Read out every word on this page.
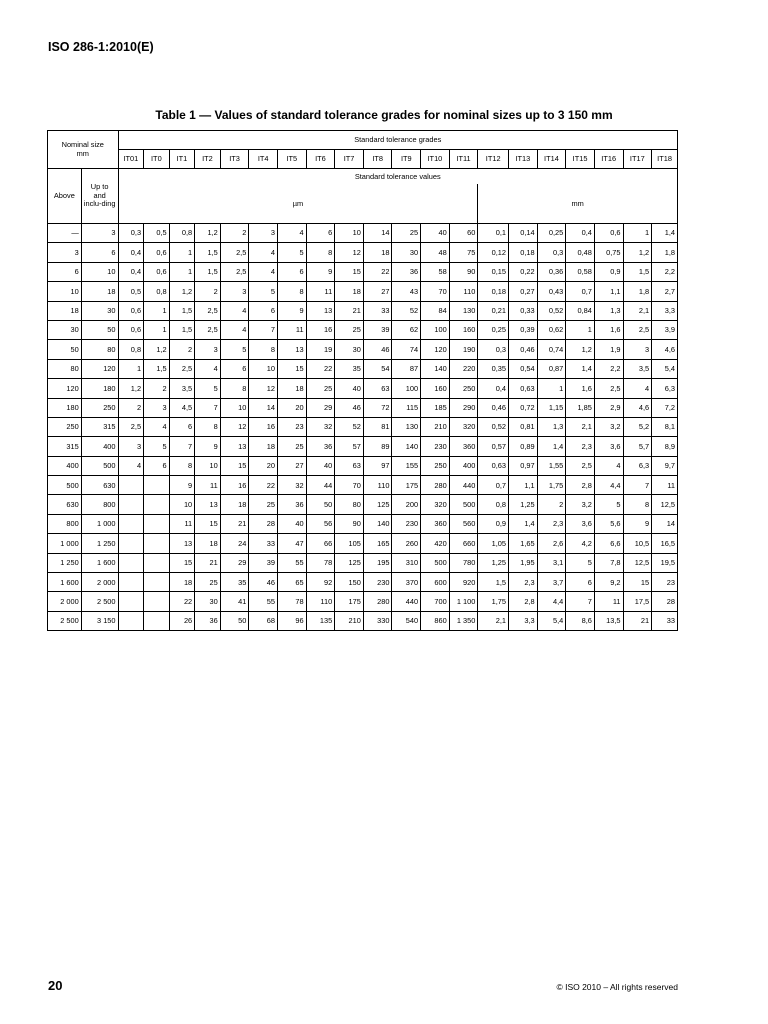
ISO 286-1:2010(E)
Table 1 — Values of standard tolerance grades for nominal sizes up to 3 150 mm
Nominal size
mm		Standard tolerance grades																			
		IT01	IT0	IT1	IT2	IT3	IT4	IT5	IT6	IT7	IT8	IT9	IT10	IT11	IT12	IT13	IT14	IT15	IT16	IT17	IT18
Above	Up to and inclu-ding	Standard tolerance values																			
		µm													mm						
—	3	0,3	0,5	0,8	1,2	2	3	4	6	10	14	25	40	60	0,1	0,14	0,25	0,4	0,6	1	1,4
3	6	0,4	0,6	1	1,5	2,5	4	5	8	12	18	30	48	75	0,12	0,18	0,3	0,48	0,75	1,2	1,8
6	10	0,4	0,6	1	1,5	2,5	4	6	9	15	22	36	58	90	0,15	0,22	0,36	0,58	0,9	1,5	2,2
10	18	0,5	0,8	1,2	2	3	5	8	11	18	27	43	70	110	0,18	0,27	0,43	0,7	1,1	1,8	2,7
18	30	0,6	1	1,5	2,5	4	6	9	13	21	33	52	84	130	0,21	0,33	0,52	0,84	1,3	2,1	3,3
30	50	0,6	1	1,5	2,5	4	7	11	16	25	39	62	100	160	0,25	0,39	0,62	1	1,6	2,5	3,9
50	80	0,8	1,2	2	3	5	8	13	19	30	46	74	120	190	0,3	0,46	0,74	1,2	1,9	3	4,6
80	120	1	1,5	2,5	4	6	10	15	22	35	54	87	140	220	0,35	0,54	0,87	1,4	2,2	3,5	5,4
120	180	1,2	2	3,5	5	8	12	18	25	40	63	100	160	250	0,4	0,63	1	1,6	2,5	4	6,3
180	250	2	3	4,5	7	10	14	20	29	46	72	115	185	290	0,46	0,72	1,15	1,85	2,9	4,6	7,2
250	315	2,5	4	6	8	12	16	23	32	52	81	130	210	320	0,52	0,81	1,3	2,1	3,2	5,2	8,1
315	400	3	5	7	9	13	18	25	36	57	89	140	230	360	0,57	0,89	1,4	2,3	3,6	5,7	8,9
400	500	4	6	8	10	15	20	27	40	63	97	155	250	400	0,63	0,97	1,55	2,5	4	6,3	9,7
500	630			9	11	16	22	32	44	70	110	175	280	440	0,7	1,1	1,75	2,8	4,4	7	11
630	800			10	13	18	25	36	50	80	125	200	320	500	0,8	1,25	2	3,2	5	8	12,5
800	1 000			11	15	21	28	40	56	90	140	230	360	560	0,9	1,4	2,3	3,6	5,6	9	14
1 000	1 250			13	18	24	33	47	66	105	165	260	420	660	1,05	1,65	2,6	4,2	6,6	10,5	16,5
1 250	1 600			15	21	29	39	55	78	125	195	310	500	780	1,25	1,95	3,1	5	7,8	12,5	19,5
1 600	2 000			18	25	35	46	65	92	150	230	370	600	920	1,5	2,3	3,7	6	9,2	15	23
2 000	2 500			22	30	41	55	78	110	175	280	440	700	1 100	1,75	2,8	4,4	7	11	17,5	28
2 500	3 150			26	36	50	68	96	135	210	330	540	860	1 350	2,1	3,3	5,4	8,6	13,5	21	33
20	© ISO 2010 – All rights reserved
